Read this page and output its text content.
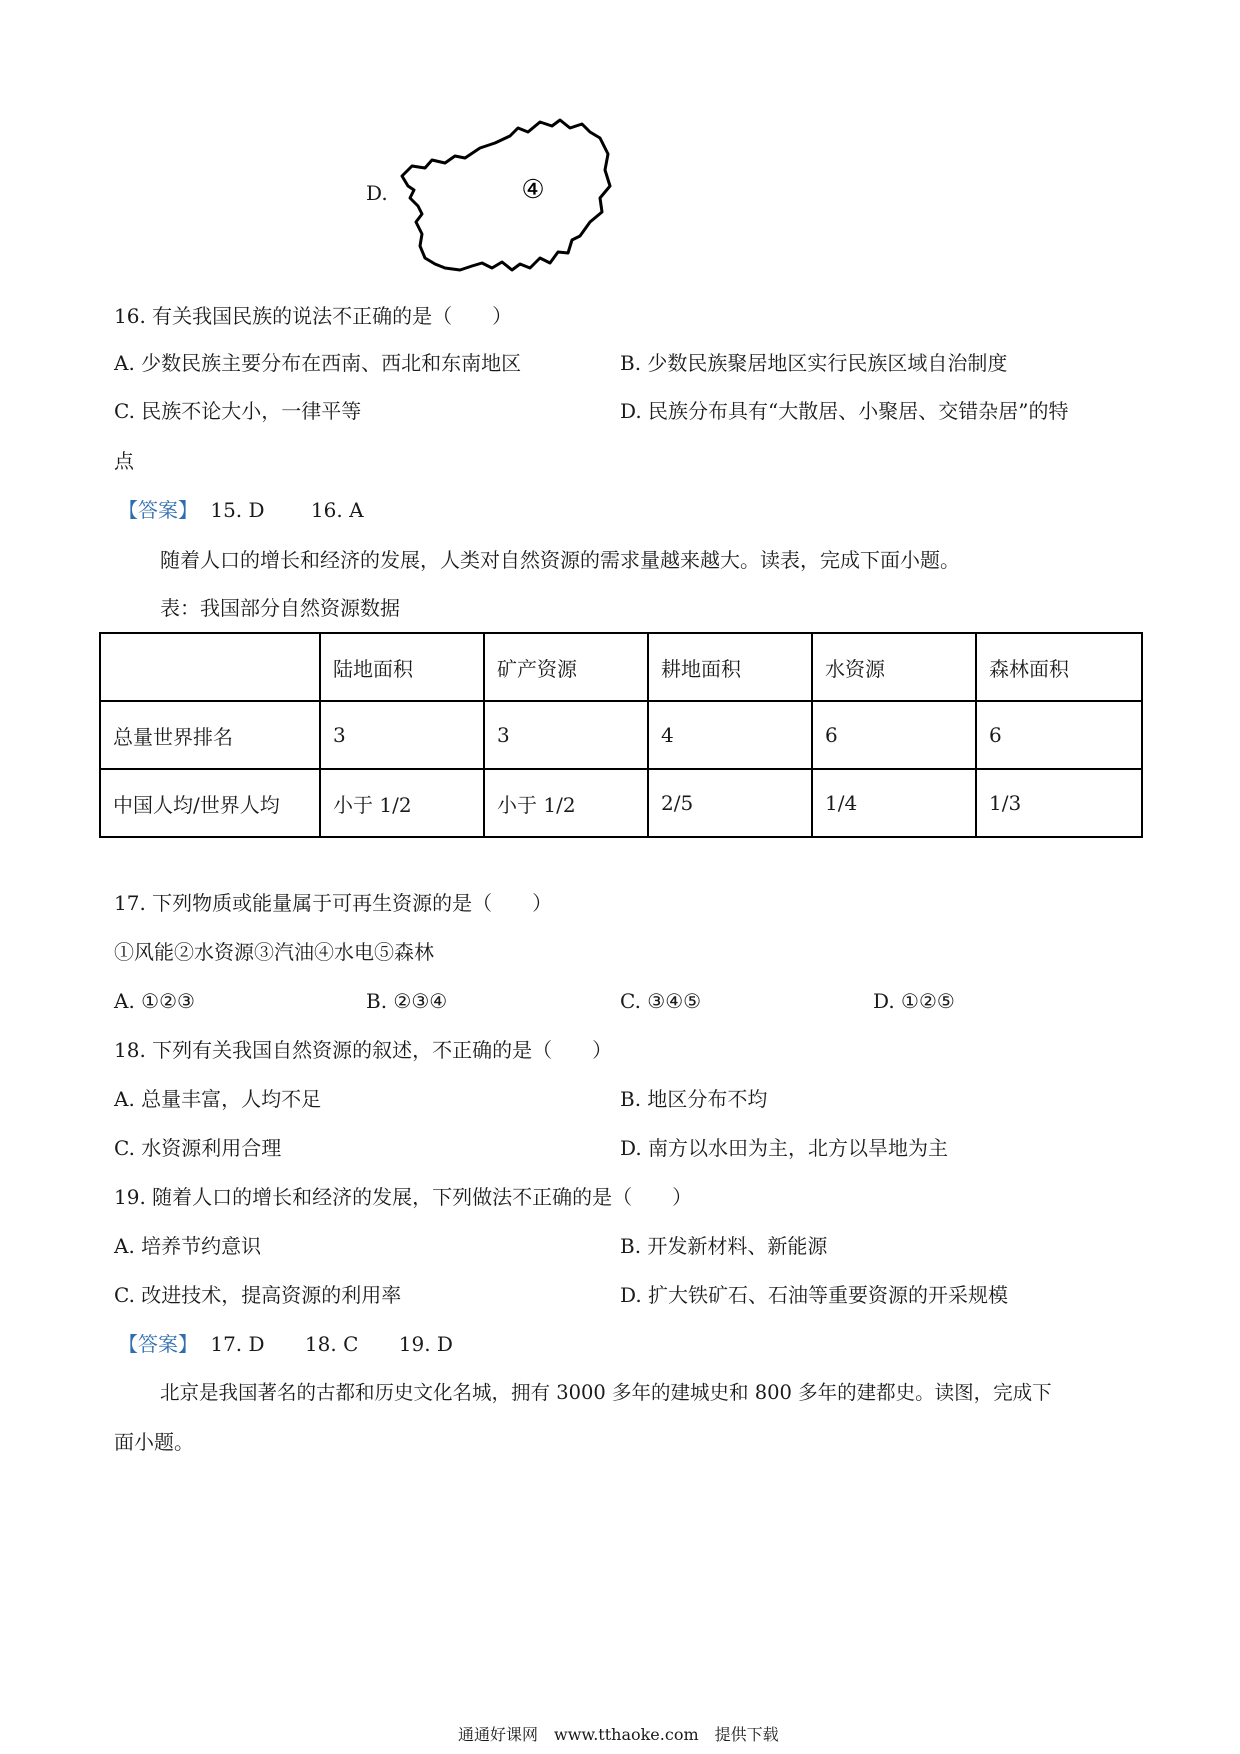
D.	④
16. 有关我国民族的说法不正确的是（　　）
A. 少数民族主要分布在西南、西北和东南地区	B. 少数民族聚居地区实行民族区域自治制度
C. 民族不论大小，一律平等	D. 民族分布具有“大散居、小聚居、交错杂居”的特
点
【答案】 15. D 16. A
随着人口的增长和经济的发展，人类对自然资源的需求量越来越大。读表，完成下面小题。
表：我国部分自然资源数据
	陆地面积	矿产资源	耕地面积	水资源	森林面积
总量世界排名	3	3	4	6	6
中国人均/世界人均	小于 1/2	小于 1/2	2/5	1/4	1/3
17. 下列物质或能量属于可再生资源的是（　　）
①风能②水资源③汽油④水电⑤森林
A. ①②③	B. ②③④	C. ③④⑤	D. ①②⑤
18. 下列有关我国自然资源的叙述，不正确的是（　　）
A. 总量丰富，人均不足	B. 地区分布不均
C. 水资源利用合理	D. 南方以水田为主，北方以旱地为主
19. 随着人口的增长和经济的发展，下列做法不正确的是（　　）
A. 培养节约意识	B. 开发新材料、新能源
C. 改进技术，提高资源的利用率	D. 扩大铁矿石、石油等重要资源的开采规模
【答案】 17. D 18. C 19. D
北京是我国著名的古都和历史文化名城，拥有 3000 多年的建城史和 800 多年的建都史。读图，完成下
面小题。
通通好课网　www.tthaoke.com　提供下载
